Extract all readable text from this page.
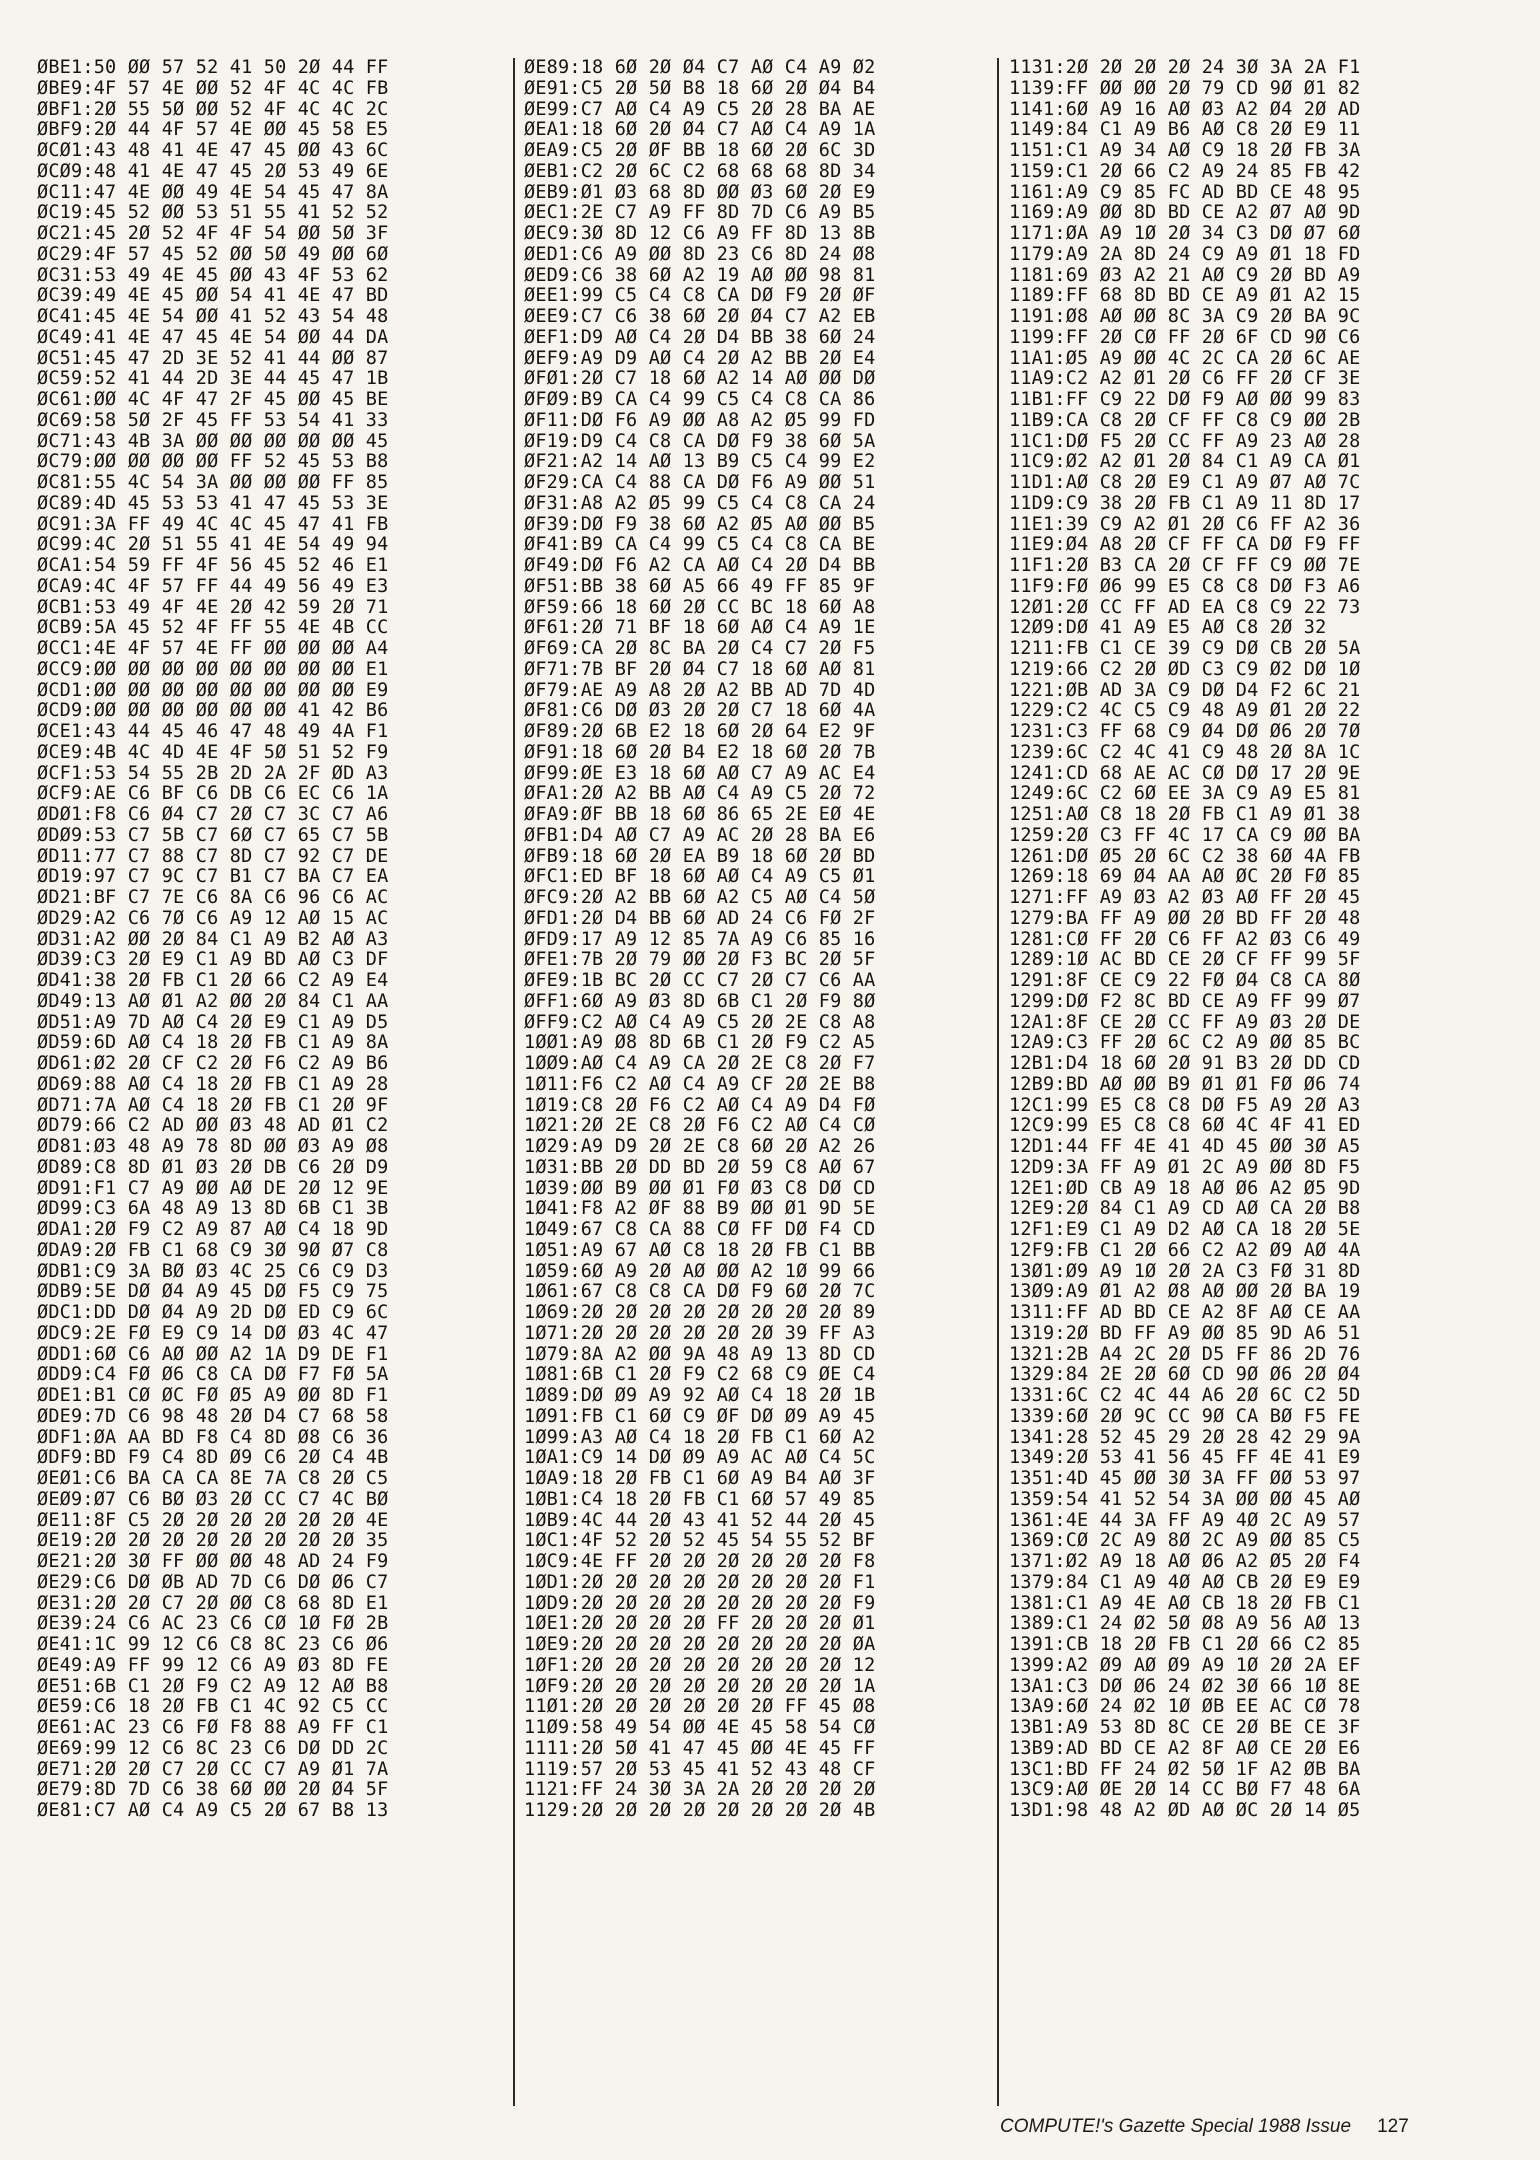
ØBE1:50 ØØ 57 52 41 50 2Ø 44 FF
ØBE9:4F 57 4E ØØ 52 4F 4C 4C FB
ØBF1:2Ø 55 5Ø ØØ 52 4F 4C 4C 2C
ØBF9:2Ø 44 4F 57 4E ØØ 45 58 E5
ØCØ1:43 48 41 4E 47 45 ØØ 43 6C
ØCØ9:48 41 4E 47 45 2Ø 53 49 6E
ØC11:47 4E ØØ 49 4E 54 45 47 8A
ØC19:45 52 ØØ 53 51 55 41 52 52
ØC21:45 2Ø 52 4F 4F 54 ØØ 5Ø 3F
ØC29:4F 57 45 52 ØØ 5Ø 49 ØØ 6Ø
ØC31:53 49 4E 45 ØØ 43 4F 53 62
ØC39:49 4E 45 ØØ 54 41 4E 47 BD
ØC41:45 4E 54 ØØ 41 52 43 54 48
ØC49:41 4E 47 45 4E 54 ØØ 44 DA
ØC51:45 47 2D 3E 52 41 44 ØØ 87
ØC59:52 41 44 2D 3E 44 45 47 1B
ØC61:ØØ 4C 4F 47 2F 45 ØØ 45 BE
ØC69:58 5Ø 2F 45 FF 53 54 41 33
ØC71:43 4B 3A ØØ ØØ ØØ ØØ ØØ 45
ØC79:ØØ ØØ ØØ ØØ FF 52 45 53 B8
ØC81:55 4C 54 3A ØØ ØØ ØØ FF 85
ØC89:4D 45 53 53 41 47 45 53 3E
ØC91:3A FF 49 4C 4C 45 47 41 FB
ØC99:4C 2Ø 51 55 41 4E 54 49 94
ØCA1:54 59 FF 4F 56 45 52 46 E1
ØCA9:4C 4F 57 FF 44 49 56 49 E3
ØCB1:53 49 4F 4E 2Ø 42 59 2Ø 71
ØCB9:5A 45 52 4F FF 55 4E 4B CC
ØCC1:4E 4F 57 4E FF ØØ ØØ ØØ A4
ØCC9:ØØ ØØ ØØ ØØ ØØ ØØ ØØ ØØ E1
ØCD1:ØØ ØØ ØØ ØØ ØØ ØØ ØØ ØØ E9
ØCD9:ØØ ØØ ØØ ØØ ØØ ØØ 41 42 B6
ØCE1:43 44 45 46 47 48 49 4A F1
ØCE9:4B 4C 4D 4E 4F 5Ø 51 52 F9
ØCF1:53 54 55 2B 2D 2A 2F ØD A3
ØCF9:AE C6 BF C6 DB C6 EC C6 1A
ØDØ1:F8 C6 Ø4 C7 2Ø C7 3C C7 A6
ØDØ9:53 C7 5B C7 6Ø C7 65 C7 5B
ØD11:77 C7 88 C7 8D C7 92 C7 DE
ØD19:97 C7 9C C7 B1 C7 BA C7 EA
ØD21:BF C7 7E C6 8A C6 96 C6 AC
ØD29:A2 C6 7Ø C6 A9 12 AØ 15 AC
ØD31:A2 ØØ 2Ø 84 C1 A9 B2 AØ A3
ØD39:C3 2Ø E9 C1 A9 BD AØ C3 DF
ØD41:38 2Ø FB C1 2Ø 66 C2 A9 E4
ØD49:13 AØ Ø1 A2 ØØ 2Ø 84 C1 AA
ØD51:A9 7D AØ C4 2Ø E9 C1 A9 D5
ØD59:6D AØ C4 18 2Ø FB C1 A9 8A
ØD61:Ø2 2Ø CF C2 2Ø F6 C2 A9 B6
ØD69:88 AØ C4 18 2Ø FB C1 A9 28
ØD71:7A AØ C4 18 2Ø FB C1 2Ø 9F
ØD79:66 C2 AD ØØ Ø3 48 AD Ø1 C2
ØD81:Ø3 48 A9 78 8D ØØ Ø3 A9 Ø8
ØD89:C8 8D Ø1 Ø3 2Ø DB C6 2Ø D9
ØD91:F1 C7 A9 ØØ AØ DE 2Ø 12 9E
ØD99:C3 6A 48 A9 13 8D 6B C1 3B
ØDA1:2Ø F9 C2 A9 87 AØ C4 18 9D
ØDA9:2Ø FB C1 68 C9 3Ø 9Ø Ø7 C8
ØDB1:C9 3A BØ Ø3 4C 25 C6 C9 D3
ØDB9:5E DØ Ø4 A9 45 DØ F5 C9 75
ØDC1:DD DØ Ø4 A9 2D DØ ED C9 6C
ØDC9:2E FØ E9 C9 14 DØ Ø3 4C 47
ØDD1:6Ø C6 AØ ØØ A2 1A D9 DE F1
ØDD9:C4 FØ Ø6 C8 CA DØ F7 FØ 5A
ØDE1:B1 CØ ØC FØ Ø5 A9 ØØ 8D F1
ØDE9:7D C6 98 48 2Ø D4 C7 68 58
ØDF1:ØA AA BD F8 C4 8D Ø8 C6 36
ØDF9:BD F9 C4 8D Ø9 C6 2Ø C4 4B
ØEØ1:C6 BA CA CA 8E 7A C8 2Ø C5
ØEØ9:Ø7 C6 BØ Ø3 2Ø CC C7 4C BØ
ØE11:8F C5 2Ø 2Ø 2Ø 2Ø 2Ø 2Ø 4E
ØE19:2Ø 2Ø 2Ø 2Ø 2Ø 2Ø 2Ø 2Ø 35
ØE21:2Ø 3Ø FF ØØ ØØ 48 AD 24 F9
ØE29:C6 DØ ØB AD 7D C6 DØ Ø6 C7
ØE31:2Ø 2Ø C7 2Ø ØØ C8 68 8D E1
ØE39:24 C6 AC 23 C6 CØ 1Ø FØ 2B
ØE41:1C 99 12 C6 C8 8C 23 C6 Ø6
ØE49:A9 FF 99 12 C6 A9 Ø3 8D FE
ØE51:6B C1 2Ø F9 C2 A9 12 AØ B8
ØE59:C6 18 2Ø FB C1 4C 92 C5 CC
ØE61:AC 23 C6 FØ F8 88 A9 FF C1
ØE69:99 12 C6 8C 23 C6 DØ DD 2C
ØE71:2Ø 2Ø C7 2Ø CC C7 A9 Ø1 7A
ØE79:8D 7D C6 38 6Ø ØØ 2Ø Ø4 5F
ØE81:C7 AØ C4 A9 C5 2Ø 67 B8 13
ØE89:18 6Ø 2Ø Ø4 C7 AØ C4 A9 Ø2
ØE91:C5 2Ø 5Ø B8 18 6Ø 2Ø Ø4 B4
ØE99:C7 AØ C4 A9 C5 2Ø 28 BA AE
ØEA1:18 6Ø 2Ø Ø4 C7 AØ C4 A9 1A
ØEA9:C5 2Ø ØF BB 18 6Ø 2Ø 6C 3D
ØEB1:C2 2Ø 6C C2 68 68 68 8D 34
ØEB9:Ø1 Ø3 68 8D ØØ Ø3 6Ø 2Ø E9
ØEC1:2E C7 A9 FF 8D 7D C6 A9 B5
ØEC9:3Ø 8D 12 C6 A9 FF 8D 13 8B
ØED1:C6 A9 ØØ 8D 23 C6 8D 24 Ø8
ØED9:C6 38 6Ø A2 19 AØ ØØ 98 81
ØEE1:99 C5 C4 C8 CA DØ F9 2Ø ØF
ØEE9:C7 C6 38 6Ø 2Ø Ø4 C7 A2 EB
ØEF1:D9 AØ C4 2Ø D4 BB 38 6Ø 24
ØEF9:A9 D9 AØ C4 2Ø A2 BB 2Ø E4
ØFØ1:2Ø C7 18 6Ø A2 14 AØ ØØ DØ
ØFØ9:B9 CA C4 99 C5 C4 C8 CA 86
ØF11:DØ F6 A9 ØØ A8 A2 Ø5 99 FD
ØF19:D9 C4 C8 CA DØ F9 38 6Ø 5A
ØF21:A2 14 AØ 13 B9 C5 C4 99 E2
ØF29:CA C4 88 CA DØ F6 A9 ØØ 51
ØF31:A8 A2 Ø5 99 C5 C4 C8 CA 24
ØF39:DØ F9 38 6Ø A2 Ø5 AØ ØØ B5
ØF41:B9 CA C4 99 C5 C4 C8 CA BE
ØF49:DØ F6 A2 CA AØ C4 2Ø D4 BB
ØF51:BB 38 6Ø A5 66 49 FF 85 9F
ØF59:66 18 6Ø 2Ø CC BC 18 6Ø A8
ØF61:2Ø 71 BF 18 6Ø AØ C4 A9 1E
ØF69:CA 2Ø 8C BA 2Ø C4 C7 2Ø F5
ØF71:7B BF 2Ø Ø4 C7 18 6Ø AØ 81
ØF79:AE A9 A8 2Ø A2 BB AD 7D 4D
ØF81:C6 DØ Ø3 2Ø 2Ø C7 18 6Ø 4A
ØF89:2Ø 6B E2 18 6Ø 2Ø 64 E2 9F
ØF91:18 6Ø 2Ø B4 E2 18 6Ø 2Ø 7B
ØF99:ØE E3 18 6Ø AØ C7 A9 AC E4
ØFA1:2Ø A2 BB AØ C4 A9 C5 2Ø 72
ØFA9:ØF BB 18 6Ø 86 65 2E EØ 4E
ØFB1:D4 AØ C7 A9 AC 2Ø 28 BA E6
ØFB9:18 6Ø 2Ø EA B9 18 6Ø 2Ø BD
ØFC1:ED BF 18 6Ø AØ C4 A9 C5 Ø1
ØFC9:2Ø A2 BB 6Ø A2 C5 AØ C4 5Ø
ØFD1:2Ø D4 BB 6Ø AD 24 C6 FØ 2F
ØFD9:17 A9 12 85 7A A9 C6 85 16
ØFE1:7B 2Ø 79 ØØ 2Ø F3 BC 2Ø 5F
ØFE9:1B BC 2Ø CC C7 2Ø C7 C6 AA
ØFF1:6Ø A9 Ø3 8D 6B C1 2Ø F9 8Ø
ØFF9:C2 AØ C4 A9 C5 2Ø 2E C8 A8
1ØØ1:A9 Ø8 8D 6B C1 2Ø F9 C2 A5
1ØØ9:AØ C4 A9 CA 2Ø 2E C8 2Ø F7
1Ø11:F6 C2 AØ C4 A9 CF 2Ø 2E B8
1Ø19:C8 2Ø F6 C2 AØ C4 A9 D4 FØ
1Ø21:2Ø 2E C8 2Ø F6 C2 AØ C4 CØ
1Ø29:A9 D9 2Ø 2E C8 6Ø 2Ø A2 26
1Ø31:BB 2Ø DD BD 2Ø 59 C8 AØ 67
1Ø39:ØØ B9 ØØ Ø1 FØ Ø3 C8 DØ CD
1Ø41:F8 A2 ØF 88 B9 ØØ Ø1 9D 5E
1Ø49:67 C8 CA 88 CØ FF DØ F4 CD
1Ø51:A9 67 AØ C8 18 2Ø FB C1 BB
1Ø59:6Ø A9 2Ø AØ ØØ A2 1Ø 99 66
1Ø61:67 C8 C8 CA DØ F9 6Ø 2Ø 7C
1Ø69:2Ø 2Ø 2Ø 2Ø 2Ø 2Ø 2Ø 2Ø 89
1Ø71:2Ø 2Ø 2Ø 2Ø 2Ø 2Ø 39 FF A3
1Ø79:8A A2 ØØ 9A 48 A9 13 8D CD
1Ø81:6B C1 2Ø F9 C2 68 C9 ØE C4
1Ø89:DØ Ø9 A9 92 AØ C4 18 2Ø 1B
1Ø91:FB C1 6Ø C9 ØF DØ Ø9 A9 45
1Ø99:A3 AØ C4 18 2Ø FB C1 6Ø A2
1ØA1:C9 14 DØ Ø9 A9 AC AØ C4 5C
1ØA9:18 2Ø FB C1 6Ø A9 B4 AØ 3F
1ØB1:C4 18 2Ø FB C1 6Ø 57 49 85
1ØB9:4C 44 2Ø 43 41 52 44 2Ø 45
1ØC1:4F 52 2Ø 52 45 54 55 52 BF
1ØC9:4E FF 2Ø 2Ø 2Ø 2Ø 2Ø 2Ø F8
1ØD1:2Ø 2Ø 2Ø 2Ø 2Ø 2Ø 2Ø 2Ø F1
1ØD9:2Ø 2Ø 2Ø 2Ø 2Ø 2Ø 2Ø 2Ø F9
1ØE1:2Ø 2Ø 2Ø 2Ø FF 2Ø 2Ø 2Ø Ø1
1ØE9:2Ø 2Ø 2Ø 2Ø 2Ø 2Ø 2Ø 2Ø ØA
1ØF1:2Ø 2Ø 2Ø 2Ø 2Ø 2Ø 2Ø 2Ø 12
1ØF9:2Ø 2Ø 2Ø 2Ø 2Ø 2Ø 2Ø 2Ø 1A
11Ø1:2Ø 2Ø 2Ø 2Ø 2Ø 2Ø FF 45 Ø8
11Ø9:58 49 54 ØØ 4E 45 58 54 CØ
1111:2Ø 5Ø 41 47 45 ØØ 4E 45 FF
1119:57 2Ø 53 45 41 52 43 48 CF
1121:FF 24 3Ø 3A 2A 2Ø 2Ø 2Ø 2Ø
1129:2Ø 2Ø 2Ø 2Ø 2Ø 2Ø 2Ø 2Ø 4B
1131:2Ø 2Ø 2Ø 2Ø 24 3Ø 3A 2A F1
1139:FF ØØ ØØ 2Ø 79 CD 9Ø Ø1 82
1141:6Ø A9 16 AØ Ø3 A2 Ø4 2Ø AD
1149:84 C1 A9 B6 AØ C8 2Ø E9 11
1151:C1 A9 34 AØ C9 18 2Ø FB 3A
1159:C1 2Ø 66 C2 A9 24 85 FB 42
1161:A9 C9 85 FC AD BD CE 48 95
1169:A9 ØØ 8D BD CE A2 Ø7 AØ 9D
1171:ØA A9 1Ø 2Ø 34 C3 DØ Ø7 6Ø
1179:A9 2A 8D 24 C9 A9 Ø1 18 FD
1181:69 Ø3 A2 21 AØ C9 2Ø BD A9
1189:FF 68 8D BD CE A9 Ø1 A2 15
1191:Ø8 AØ ØØ 8C 3A C9 2Ø BA 9C
1199:FF 2Ø CØ FF 2Ø 6F CD 9Ø C6
11A1:Ø5 A9 ØØ 4C 2C CA 2Ø 6C AE
11A9:C2 A2 Ø1 2Ø C6 FF 2Ø CF 3E
11B1:FF C9 22 DØ F9 AØ ØØ 99 83
11B9:CA C8 2Ø CF FF C8 C9 ØØ 2B
11C1:DØ F5 2Ø CC FF A9 23 AØ 28
11C9:Ø2 A2 Ø1 2Ø 84 C1 A9 CA Ø1
11D1:AØ C8 2Ø E9 C1 A9 Ø7 AØ 7C
11D9:C9 38 2Ø FB C1 A9 11 8D 17
11E1:39 C9 A2 Ø1 2Ø C6 FF A2 36
11E9:Ø4 A8 2Ø CF FF CA DØ F9 FF
11F1:2Ø B3 CA 2Ø CF FF C9 ØØ 7E
11F9:FØ Ø6 99 E5 C8 C8 DØ F3 A6
12Ø1:2Ø CC FF AD EA C8 C9 22 73
12Ø9:DØ 41 A9 E5 AØ C8 2Ø 32
1211:FB C1 CE 39 C9 DØ CB 2Ø 5A
1219:66 C2 2Ø ØD C3 C9 Ø2 DØ 1Ø
1221:ØB AD 3A C9 DØ D4 F2 6C 21
1229:C2 4C C5 C9 48 A9 Ø1 2Ø 22
1231:C3 FF 68 C9 Ø4 DØ Ø6 2Ø 7Ø
1239:6C C2 4C 41 C9 48 2Ø 8A 1C
1241:CD 68 AE AC CØ DØ 17 2Ø 9E
1249:6C C2 6Ø EE 3A C9 A9 E5 81
1251:AØ C8 18 2Ø FB C1 A9 Ø1 38
1259:2Ø C3 FF 4C 17 CA C9 ØØ BA
1261:DØ Ø5 2Ø 6C C2 38 6Ø 4A FB
1269:18 69 Ø4 AA AØ ØC 2Ø FØ 85
1271:FF A9 Ø3 A2 Ø3 AØ FF 2Ø 45
1279:BA FF A9 ØØ 2Ø BD FF 2Ø 48
1281:CØ FF 2Ø C6 FF A2 Ø3 C6 49
1289:1Ø AC BD CE 2Ø CF FF 99 5F
1291:8F CE C9 22 FØ Ø4 C8 CA 8Ø
1299:DØ F2 8C BD CE A9 FF 99 Ø7
12A1:8F CE 2Ø CC FF A9 Ø3 2Ø DE
12A9:C3 FF 2Ø 6C C2 A9 ØØ 85 BC
12B1:D4 18 6Ø 2Ø 91 B3 2Ø DD CD
12B9:BD AØ ØØ B9 Ø1 Ø1 FØ Ø6 74
12C1:99 E5 C8 C8 DØ F5 A9 2Ø A3
12C9:99 E5 C8 C8 6Ø 4C 4F 41 ED
12D1:44 FF 4E 41 4D 45 ØØ 3Ø A5
12D9:3A FF A9 Ø1 2C A9 ØØ 8D F5
12E1:ØD CB A9 18 AØ Ø6 A2 Ø5 9D
12E9:2Ø 84 C1 A9 CD AØ CA 2Ø B8
12F1:E9 C1 A9 D2 AØ CA 18 2Ø 5E
12F9:FB C1 2Ø 66 C2 A2 Ø9 AØ 4A
13Ø1:Ø9 A9 1Ø 2Ø 2A C3 FØ 31 8D
13Ø9:A9 Ø1 A2 Ø8 AØ ØØ 2Ø BA 19
1311:FF AD BD CE A2 8F AØ CE AA
1319:2Ø BD FF A9 ØØ 85 9D A6 51
1321:2B A4 2C 2Ø D5 FF 86 2D 76
1329:84 2E 2Ø 6Ø CD 9Ø Ø6 2Ø Ø4
1331:6C C2 4C 44 A6 2Ø 6C C2 5D
1339:6Ø 2Ø 9C CC 9Ø CA BØ F5 FE
1341:28 52 45 29 2Ø 28 42 29 9A
1349:2Ø 53 41 56 45 FF 4E 41 E9
1351:4D 45 ØØ 3Ø 3A FF ØØ 53 97
1359:54 41 52 54 3A ØØ ØØ 45 AØ
1361:4E 44 3A FF A9 4Ø 2C A9 57
1369:CØ 2C A9 8Ø 2C A9 ØØ 85 C5
1371:Ø2 A9 18 AØ Ø6 A2 Ø5 2Ø F4
1379:84 C1 A9 4Ø AØ CB 2Ø E9 E9
1381:C1 A9 4E AØ CB 18 2Ø FB C1
1389:C1 24 Ø2 5Ø Ø8 A9 56 AØ 13
1391:CB 18 2Ø FB C1 2Ø 66 C2 85
1399:A2 Ø9 AØ Ø9 A9 1Ø 2Ø 2A EF
13A1:C3 DØ Ø6 24 Ø2 3Ø 66 1Ø 8E
13A9:6Ø 24 Ø2 1Ø ØB EE AC CØ 78
13B1:A9 53 8D 8C CE 2Ø BE CE 3F
13B9:AD BD CE A2 8F AØ CE 2Ø E6
13C1:BD FF 24 Ø2 5Ø 1F A2 ØB BA
13C9:AØ ØE 2Ø 14 CC BØ F7 48 6A
13D1:98 48 A2 ØD AØ ØC 2Ø 14 Ø5
COMPUTE!'s Gazette Special 1988 Issue 127
